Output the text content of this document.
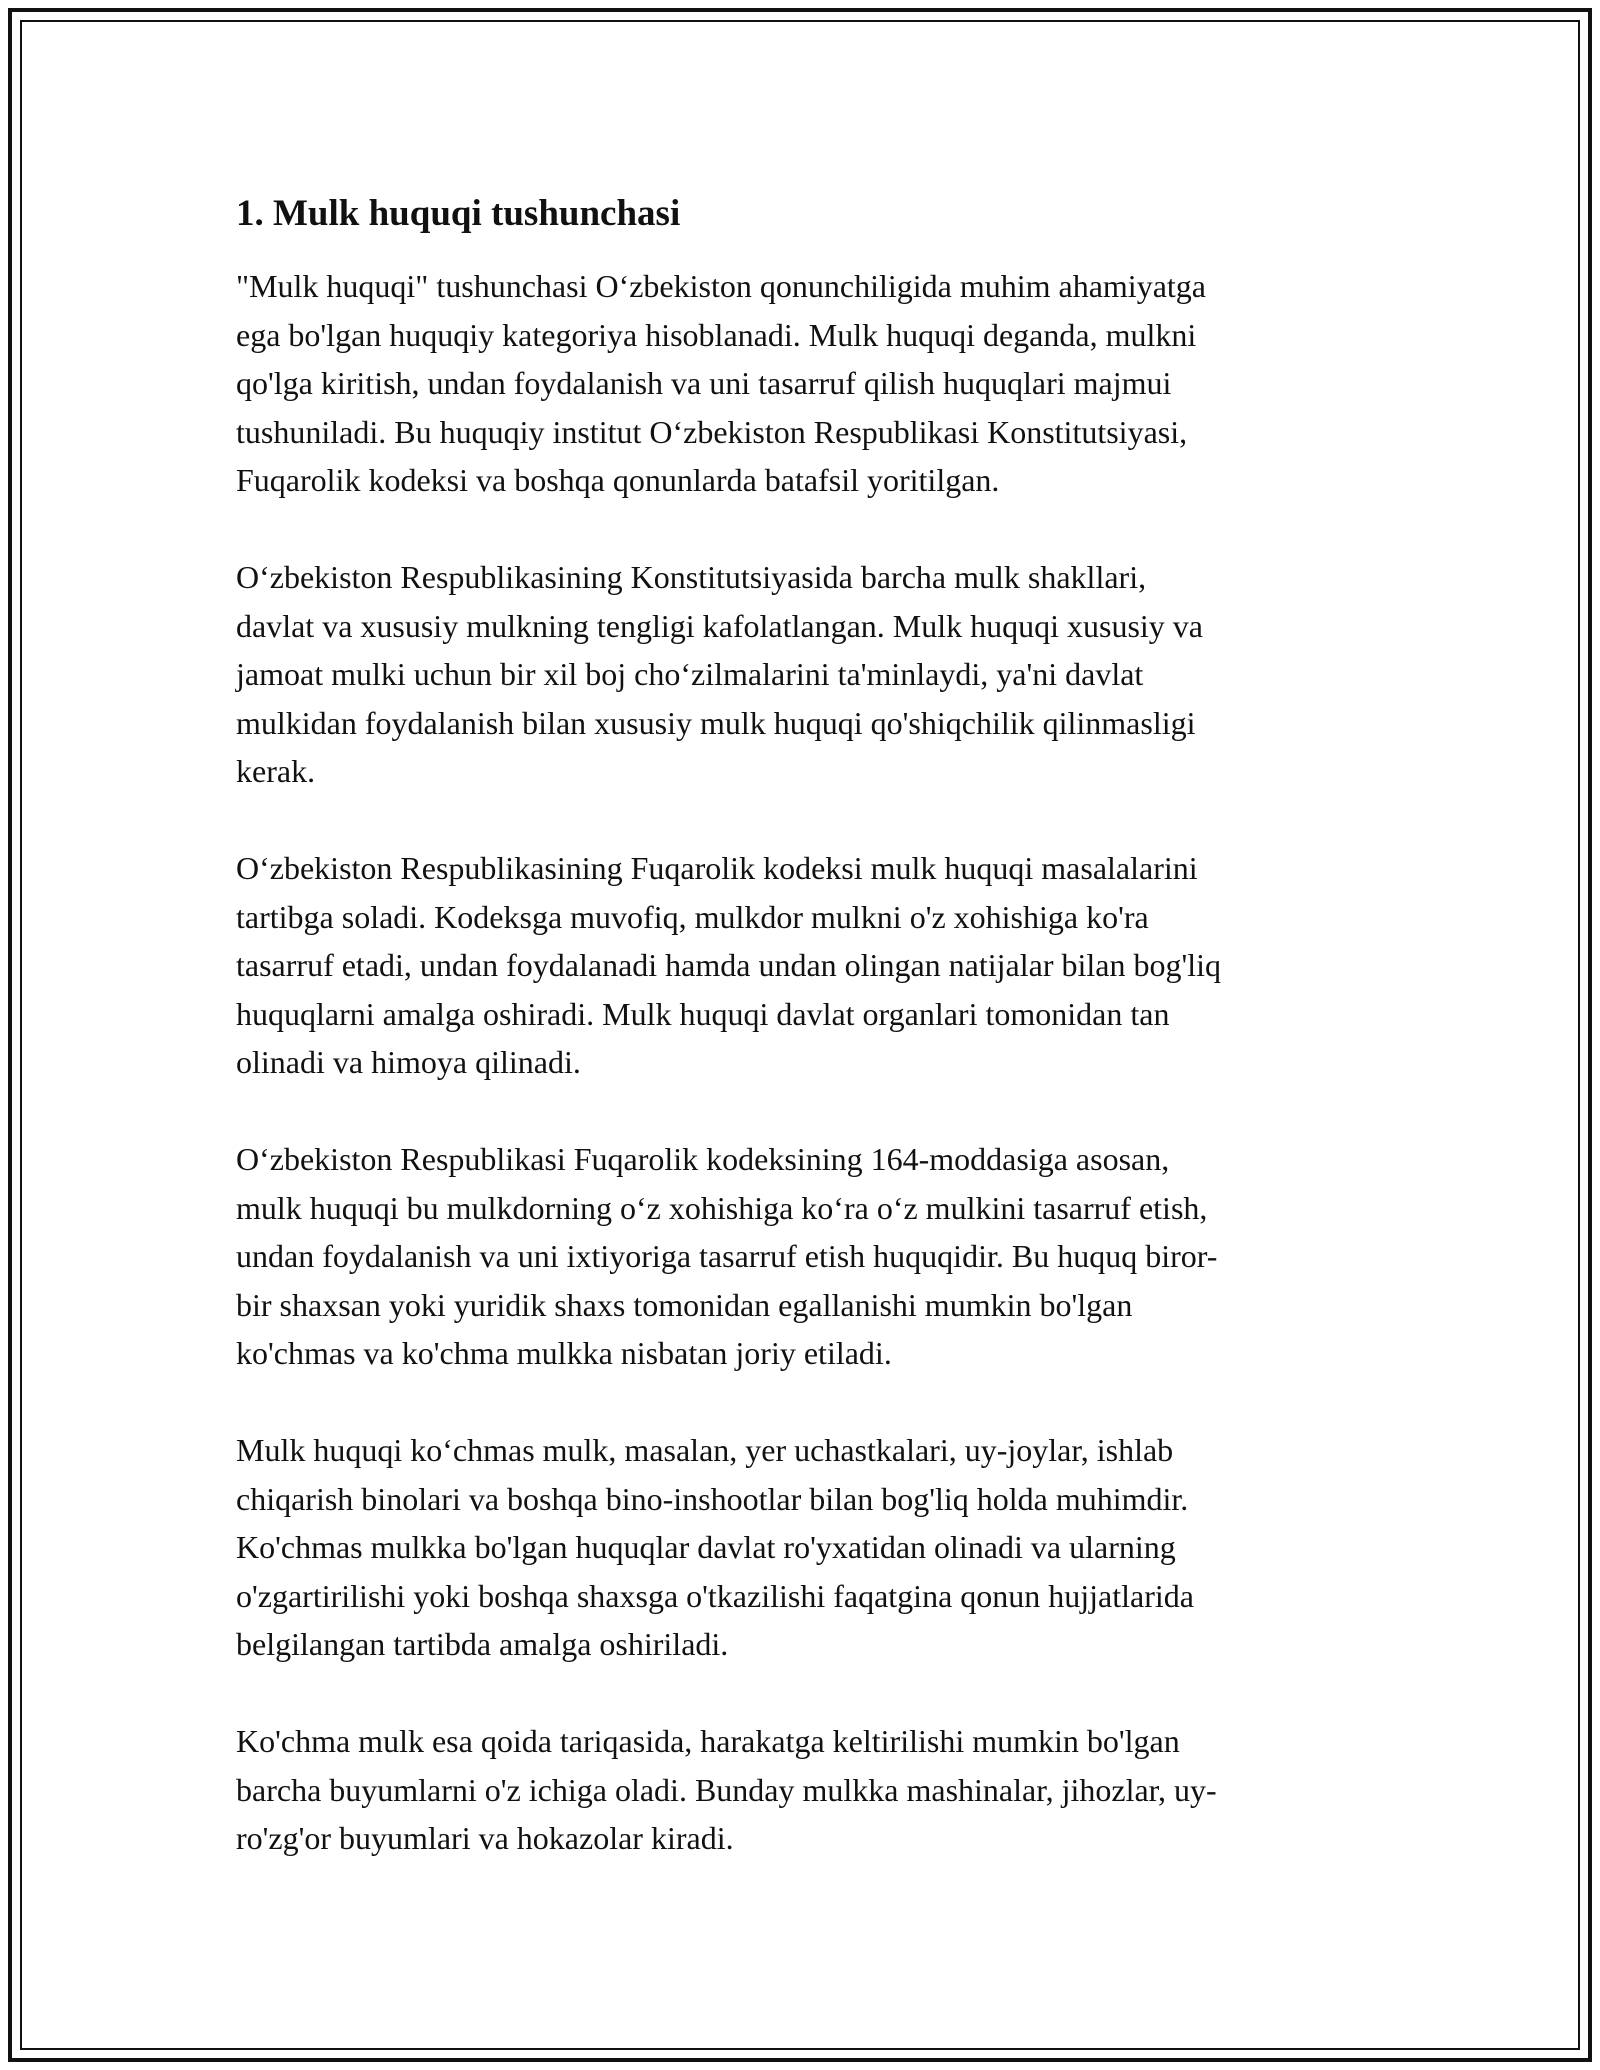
1. Mulk huquqi tushunchasi

"Mulk huquqi" tushunchasi O‘zbekiston qonunchiligida muhim ahamiyatga
ega bo'lgan huquqiy kategoriya hisoblanadi. Mulk huquqi deganda, mulkni
qo'lga kiritish, undan foydalanish va uni tasarruf qilish huquqlari majmui
tushuniladi. Bu huquqiy institut O‘zbekiston Respublikasi Konstitutsiyasi,
Fuqarolik kodeksi va boshqa qonunlarda batafsil yoritilgan.

O‘zbekiston Respublikasining Konstitutsiyasida barcha mulk shakllari,
davlat va xususiy mulkning tengligi kafolatlangan. Mulk huquqi xususiy va
jamoat mulki uchun bir xil boj cho‘zilmalarini ta'minlaydi, ya'ni davlat
mulkidan foydalanish bilan xususiy mulk huquqi qo'shiqchilik qilinmasligi
kerak.

O‘zbekiston Respublikasining Fuqarolik kodeksi mulk huquqi masalalarini
tartibga soladi. Kodeksga muvofiq, mulkdor mulkni o'z xohishiga ko'ra
tasarruf etadi, undan foydalanadi hamda undan olingan natijalar bilan bog'liq
huquqlarni amalga oshiradi. Mulk huquqi davlat organlari tomonidan tan
olinadi va himoya qilinadi.

O‘zbekiston Respublikasi Fuqarolik kodeksining 164-moddasiga asosan,
mulk huquqi bu mulkdorning o‘z xohishiga ko‘ra o‘z mulkini tasarruf etish,
undan foydalanish va uni ixtiyoriga tasarruf etish huquqidir. Bu huquq biror-
bir shaxsan yoki yuridik shaxs tomonidan egallanishi mumkin bo'lgan
ko'chmas va ko'chma mulkka nisbatan joriy etiladi.

Mulk huquqi ko‘chmas mulk, masalan, yer uchastkalari, uy-joylar, ishlab
chiqarish binolari va boshqa bino-inshootlar bilan bog'liq holda muhimdir.
Ko'chmas mulkka bo'lgan huquqlar davlat ro'yxatidan olinadi va ularning
o'zgartirilishi yoki boshqa shaxsga o'tkazilishi faqatgina qonun hujjatlarida
belgilangan tartibda amalga oshiriladi.

Ko'chma mulk esa qoida tariqasida, harakatga keltirilishi mumkin bo'lgan
barcha buyumlarni o'z ichiga oladi. Bunday mulkka mashinalar, jihozlar, uy-
ro'zg'or buyumlari va hokazolar kiradi.
